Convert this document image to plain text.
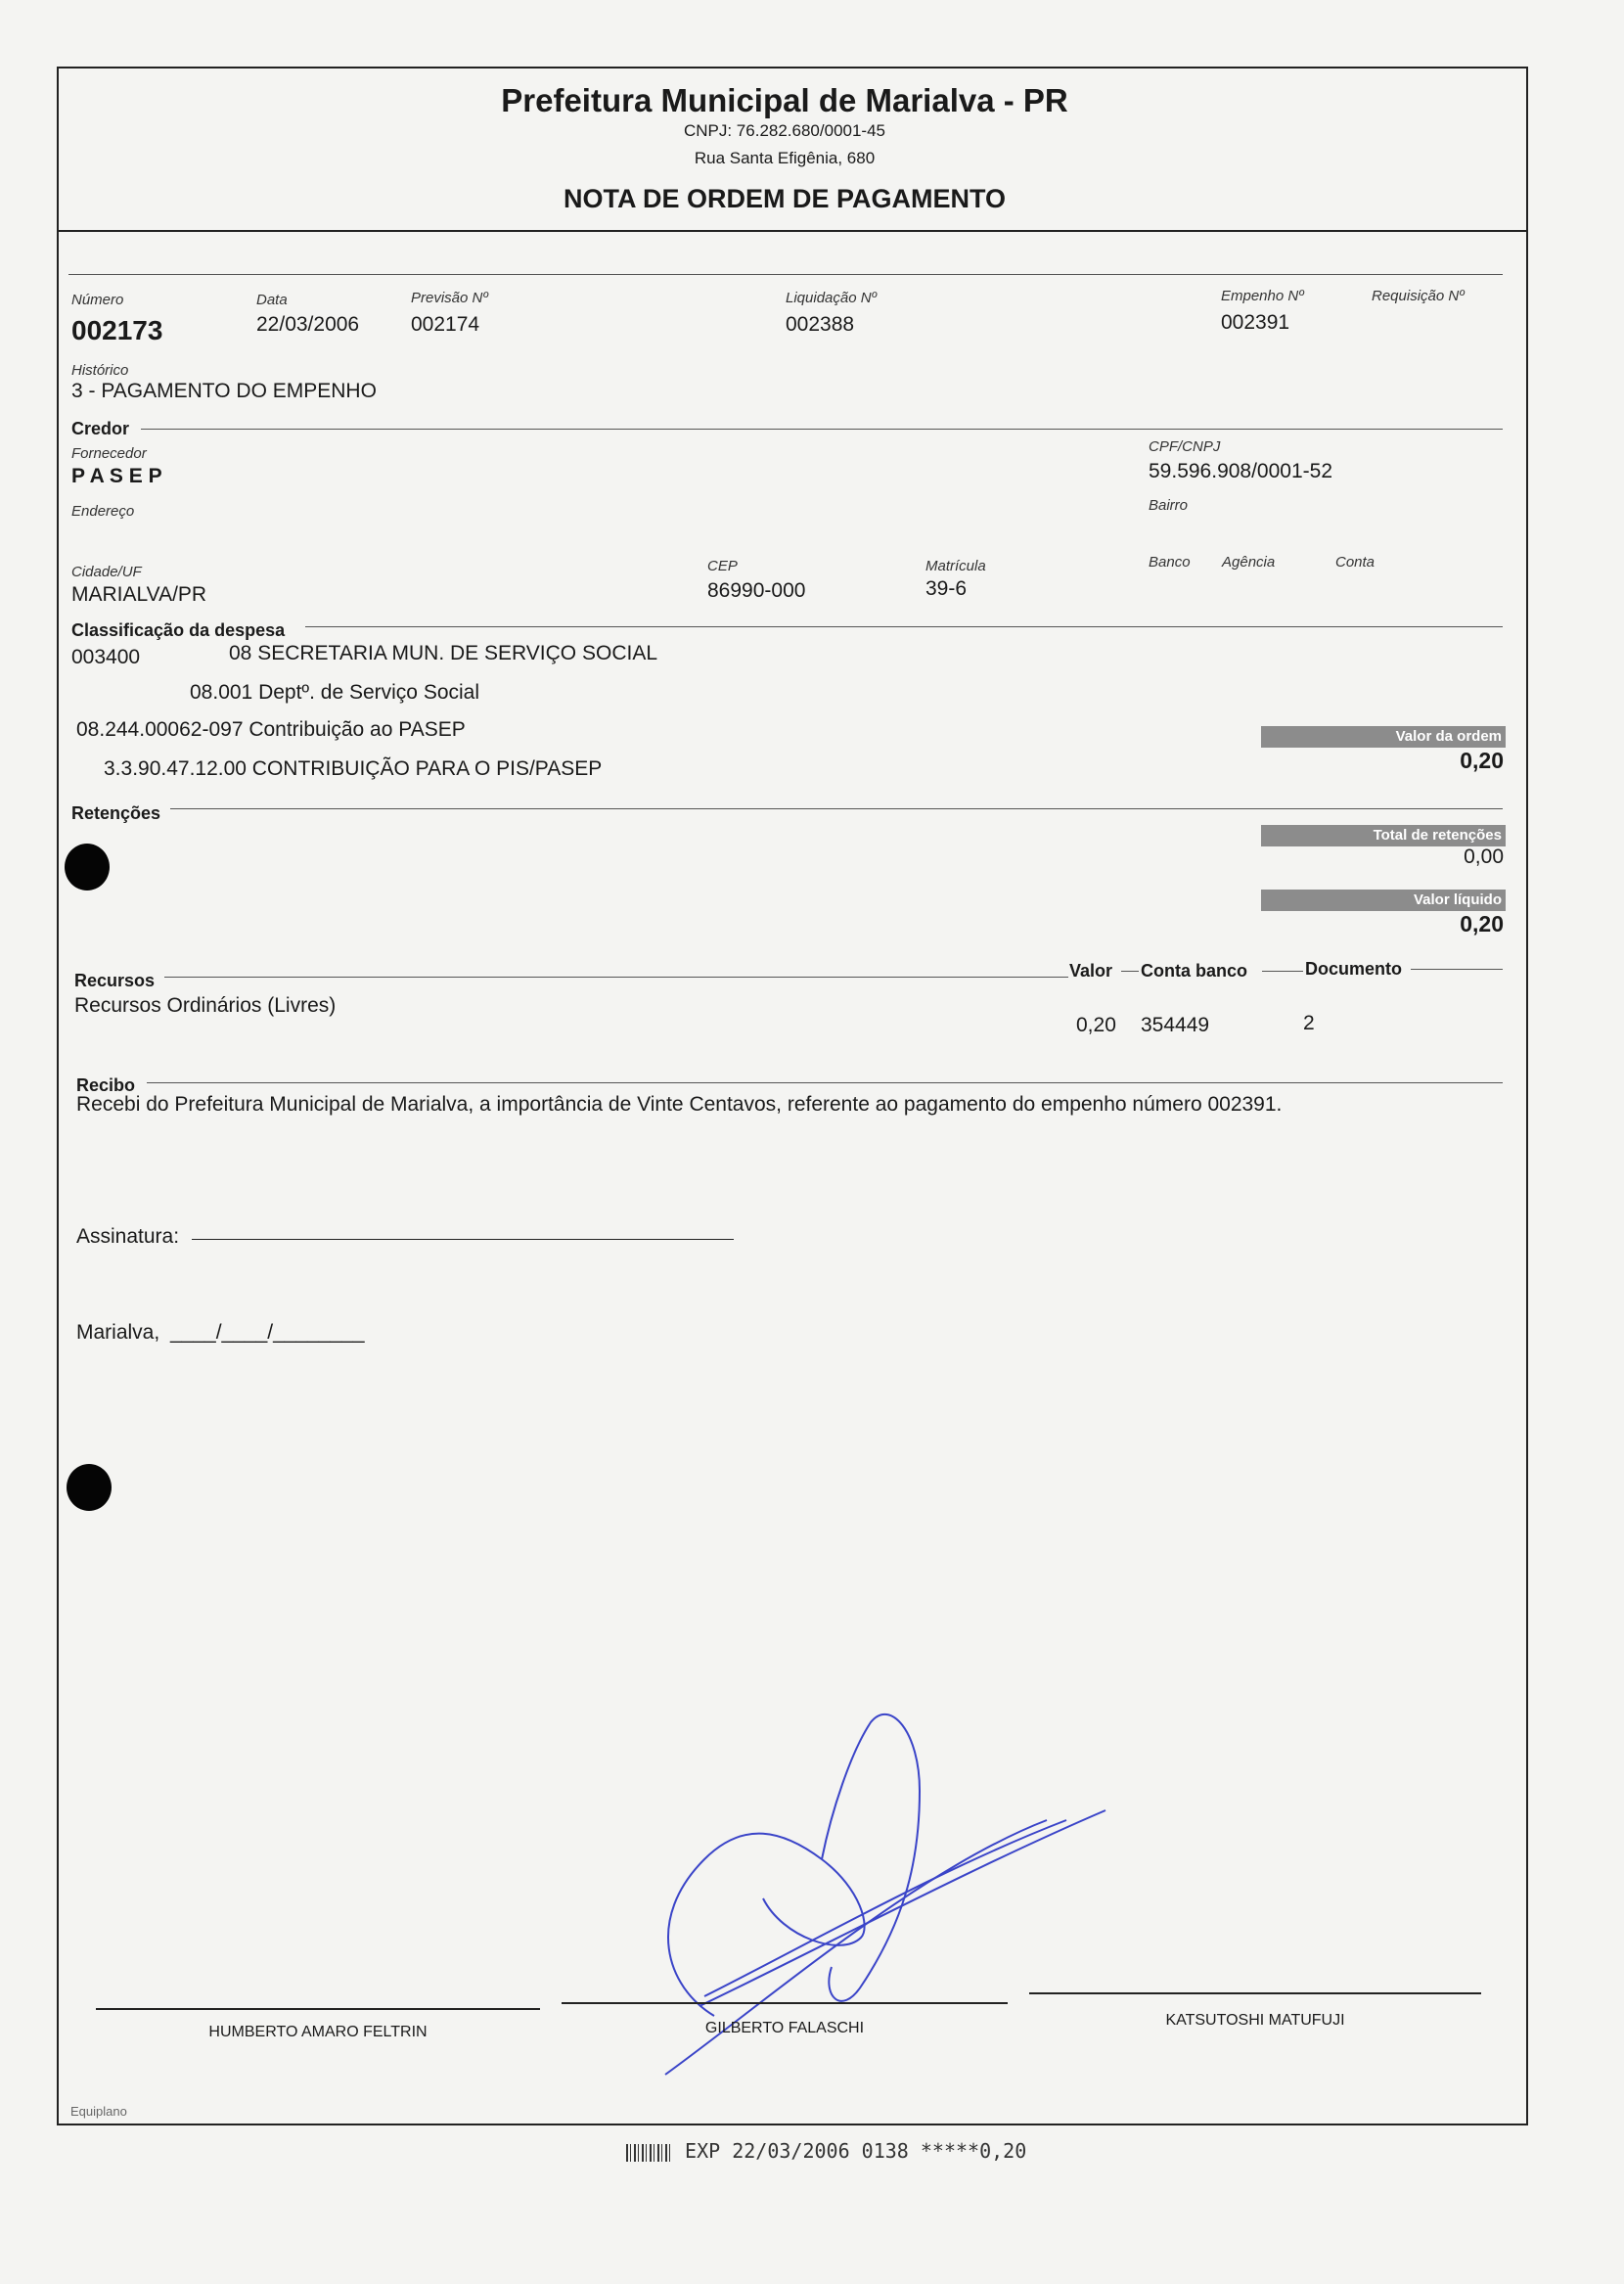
Prefeitura Municipal de Marialva - PR
CNPJ: 76.282.680/0001-45
Rua Santa Efigênia, 680
NOTA DE ORDEM DE PAGAMENTO
Número
002173
Data
22/03/2006
Previsão Nº
002174
Liquidação Nº
002388
Empenho Nº
002391
Requisição Nº
Histórico
3 - PAGAMENTO DO EMPENHO
Credor
Fornecedor
P A S E P
CPF/CNPJ
59.596.908/0001-52
Endereço	Bairro
Cidade/UF
MARIALVA/PR
CEP
86990-000
Matrícula
39-6
Banco Agência	Conta
Classificação da despesa
003400	08 SECRETARIA MUN. DE SERVIÇO SOCIAL
08.001 Deptº. de Serviço Social
08.244.00062-097 Contribuição ao PASEP
3.3.90.47.12.00 CONTRIBUIÇÃO PARA O PIS/PASEP
Valor da ordem
0,20
Retenções
Total de retenções
0,00
Valor líquido
0,20
Recursos	Valor Conta banco	Documento
Recursos Ordinários (Livres)
0,20 354449	2
Recibo
Recebi do Prefeitura Municipal de Marialva, a importância de Vinte Centavos, referente ao pagamento do empenho número 002391.
Assinatura:
Marialva, ____/____/________
HUMBERTO AMARO FELTRIN	GILBERTO FALASCHI	KATSUTOSHI MATUFUJI
Equiplano
EXP 22/03/2006 0138 *****0,20
